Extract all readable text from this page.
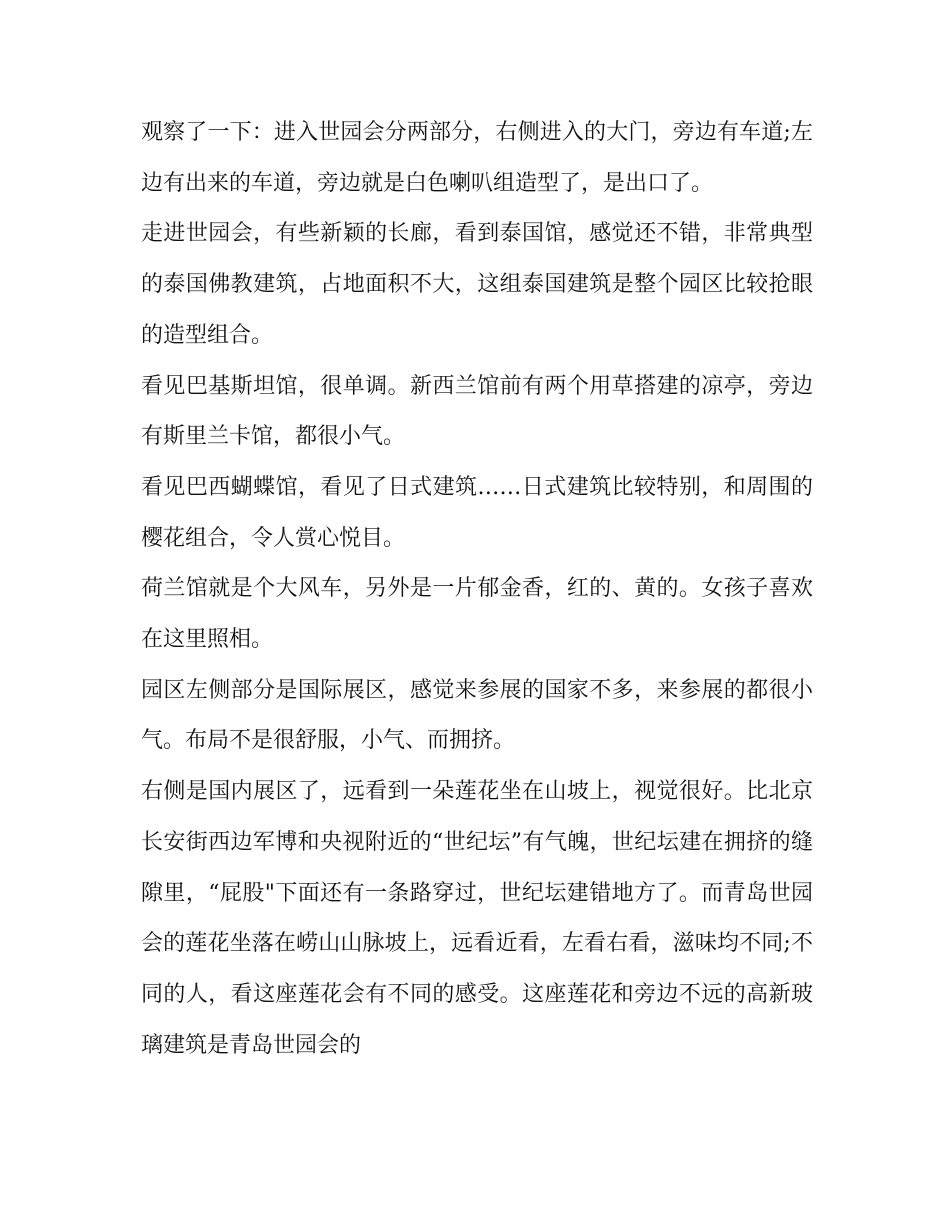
观察了一下：进入世园会分两部分，右侧进入的大门，旁边有车道;左边有出来的车道，旁边就是白色喇叭组造型了，是出口了。

走进世园会，有些新颖的长廊，看到泰国馆，感觉还不错，非常典型的泰国佛教建筑，占地面积不大，这组泰国建筑是整个园区比较抢眼的造型组合。

看见巴基斯坦馆，很单调。新西兰馆前有两个用草搭建的凉亭，旁边有斯里兰卡馆，都很小气。

看见巴西蝴蝶馆，看见了日式建筑……日式建筑比较特别，和周围的樱花组合，令人赏心悦目。

荷兰馆就是个大风车，另外是一片郁金香，红的、黄的。女孩子喜欢在这里照相。

园区左侧部分是国际展区，感觉来参展的国家不多，来参展的都很小气。布局不是很舒服，小气、而拥挤。

右侧是国内展区了，远看到一朵莲花坐在山坡上，视觉很好。比北京长安街西边军博和央视附近的“世纪坛”有气魄，世纪坛建在拥挤的缝隙里，“屁股"下面还有一条路穿过，世纪坛建错地方了。而青岛世园会的莲花坐落在崂山山脉坡上，远看近看，左看右看，滋味均不同;不同的人，看这座莲花会有不同的感受。这座莲花和旁边不远的高新玻璃建筑是青岛世园会的
